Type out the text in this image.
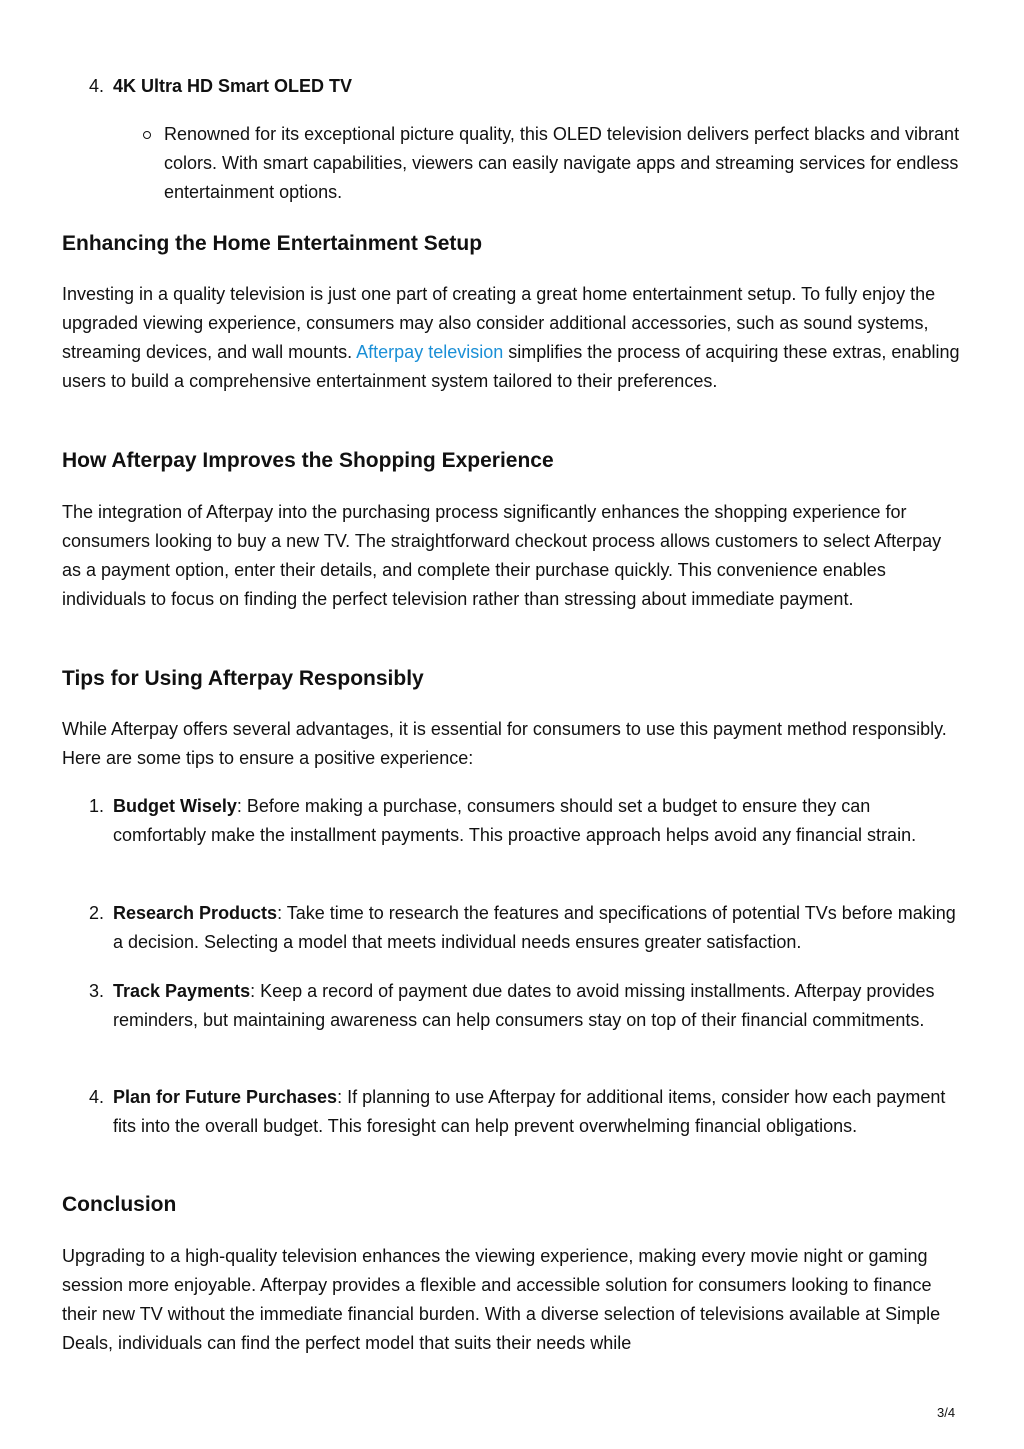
4. 4K Ultra HD Smart OLED TV
Renowned for its exceptional picture quality, this OLED television delivers perfect blacks and vibrant colors. With smart capabilities, viewers can easily navigate apps and streaming services for endless entertainment options.
Enhancing the Home Entertainment Setup

Investing in a quality television is just one part of creating a great home entertainment setup. To fully enjoy the upgraded viewing experience, consumers may also consider additional accessories, such as sound systems, streaming devices, and wall mounts. Afterpay television simplifies the process of acquiring these extras, enabling users to build a comprehensive entertainment system tailored to their preferences.

How Afterpay Improves the Shopping Experience

The integration of Afterpay into the purchasing process significantly enhances the shopping experience for consumers looking to buy a new TV. The straightforward checkout process allows customers to select Afterpay as a payment option, enter their details, and complete their purchase quickly. This convenience enables individuals to focus on finding the perfect television rather than stressing about immediate payment.

Tips for Using Afterpay Responsibly

While Afterpay offers several advantages, it is essential for consumers to use this payment method responsibly. Here are some tips to ensure a positive experience:

1. Budget Wisely: Before making a purchase, consumers should set a budget to ensure they can comfortably make the installment payments. This proactive approach helps avoid any financial strain.
2. Research Products: Take time to research the features and specifications of potential TVs before making a decision. Selecting a model that meets individual needs ensures greater satisfaction.
3. Track Payments: Keep a record of payment due dates to avoid missing installments. Afterpay provides reminders, but maintaining awareness can help consumers stay on top of their financial commitments.
4. Plan for Future Purchases: If planning to use Afterpay for additional items, consider how each payment fits into the overall budget. This foresight can help prevent overwhelming financial obligations.
Conclusion

Upgrading to a high-quality television enhances the viewing experience, making every movie night or gaming session more enjoyable. Afterpay provides a flexible and accessible solution for consumers looking to finance their new TV without the immediate financial burden. With a diverse selection of televisions available at Simple Deals, individuals can find the perfect model that suits their needs while

3/4
